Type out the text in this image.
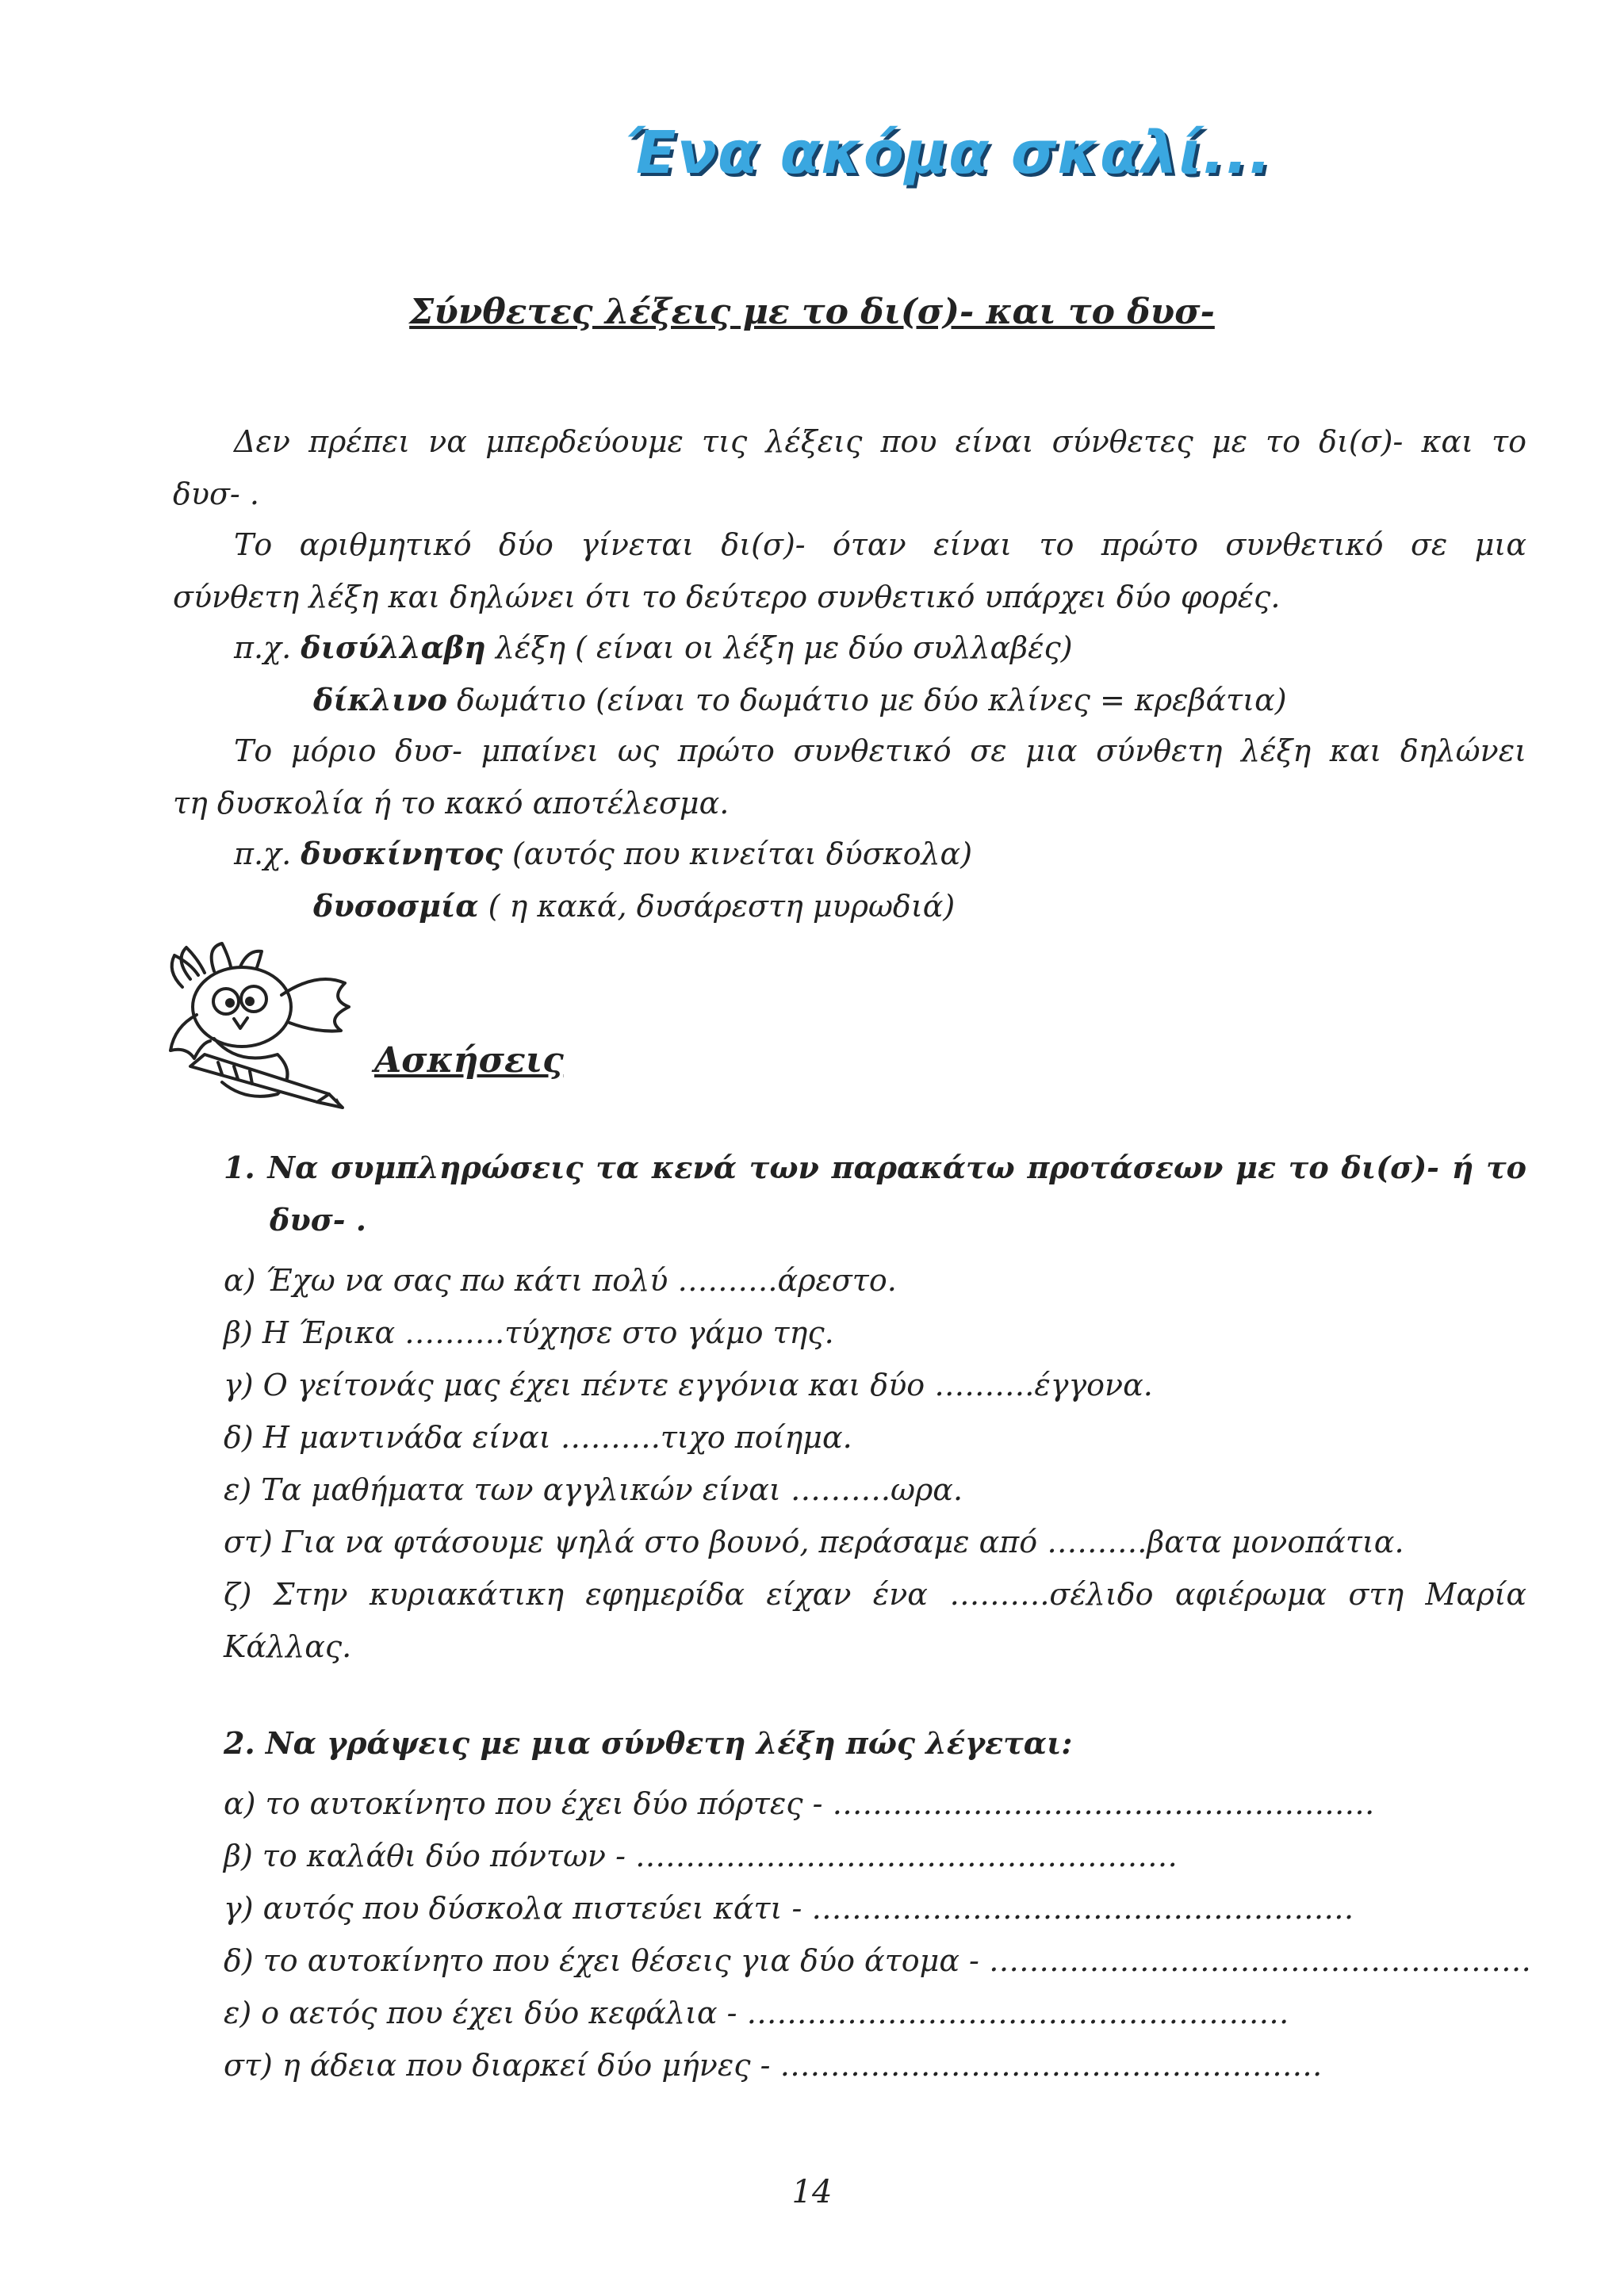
Ένα ακόμα σκαλί...
Σύνθετες λέξεις με το δι(σ)- και το δυσ-
Δεν πρέπει να μπερδεύουμε τις λέξεις που είναι σύνθετες με το δι(σ)- και το
δυσ- .
Το αριθμητικό δύο γίνεται δι(σ)- όταν είναι το πρώτο συνθετικό σε μια
σύνθετη λέξη και δηλώνει ότι το δεύτερο συνθετικό υπάρχει δύο φορές.
π.χ. δισύλλαβη λέξη ( είναι οι λέξη με δύο συλλαβές)
δίκλινο δωμάτιο (είναι το δωμάτιο με δύο κλίνες = κρεβάτια)
Το μόριο δυσ- μπαίνει ως πρώτο συνθετικό σε μια σύνθετη λέξη και δηλώνει
τη δυσκολία ή το κακό αποτέλεσμα.
π.χ. δυσκίνητος (αυτός που κινείται δύσκολα)
δυσοσμία ( η κακά, δυσάρεστη μυρωδιά)
Ασκήσεις
1. Να συμπληρώσεις τα κενά των παρακάτω προτάσεων με το δι(σ)- ή το
δυσ- .
α) Έχω να σας πω κάτι πολύ ……….άρεστο.
β) Η Έρικα ……….τύχησε στο γάμο της.
γ) Ο γείτονάς μας έχει πέντε εγγόνια και δύο ……….έγγονα.
δ) Η μαντινάδα είναι ……….τιχο ποίημα.
ε) Τα μαθήματα των αγγλικών είναι ……….ωρα.
στ) Για να φτάσουμε ψηλά στο βουνό, περάσαμε από ……….βατα μονοπάτια.
ζ) Στην κυριακάτικη εφημερίδα είχαν ένα ……….σέλιδο αφιέρωμα στη Μαρία
Κάλλας.
2. Να γράψεις με μια σύνθετη λέξη πώς λέγεται:
α) το αυτοκίνητο που έχει δύο πόρτες - ………………………………………………
β) το καλάθι δύο πόντων - ………………………………………………
γ) αυτός που δύσκολα πιστεύει κάτι - ………………………………………………
δ) το αυτοκίνητο που έχει θέσεις για δύο άτομα - ………………………………………………
ε) ο αετός που έχει δύο κεφάλια - ………………………………………………
στ) η άδεια που διαρκεί δύο μήνες - ………………………………………………
14
